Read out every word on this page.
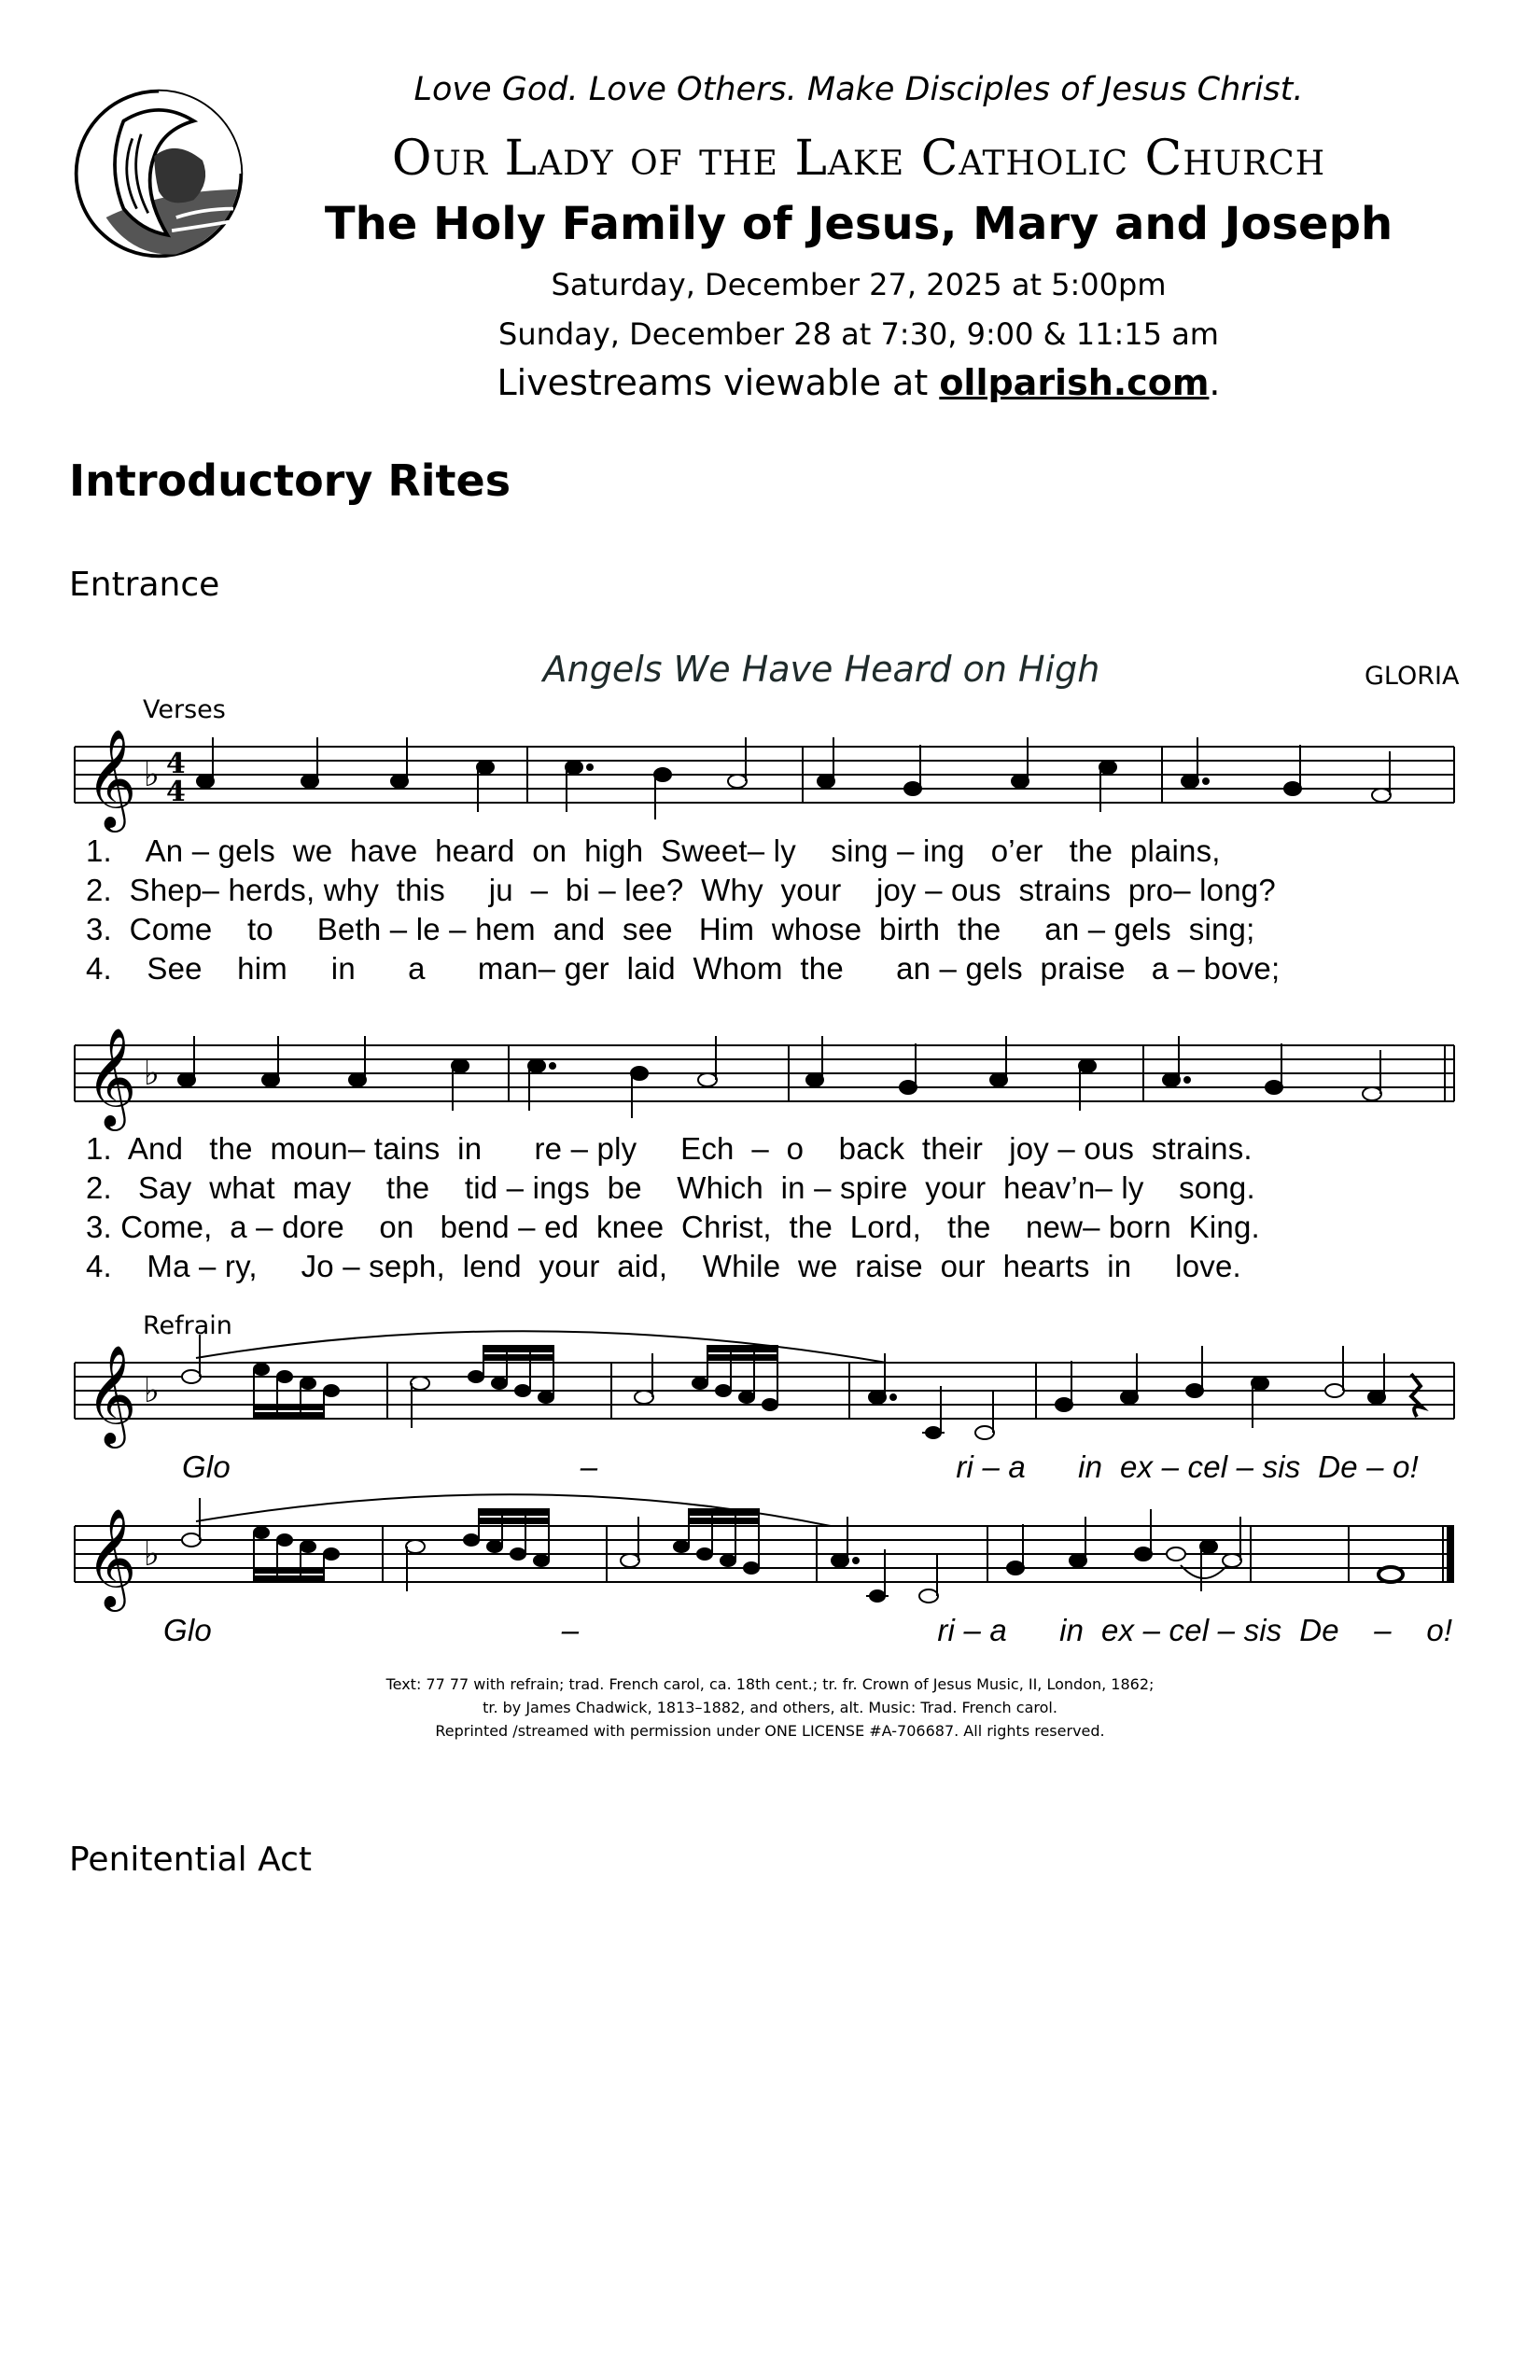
Love God. Love Others. Make Disciples of Jesus Christ.
Our Lady of the Lake Catholic Church
The Holy Family of Jesus, Mary and Joseph
Saturday, December 27, 2025 at 5:00pm
Sunday, December 28 at 7:30, 9:00 & 11:15 am
Livestreams viewable at ollparish.com.
Introductory Rites
Entrance
Angels We Have Heard on High	GLORIA
Verses
𝄞 ♭ 4
4
1.    An – gels  we  have  heard  on  high  Sweet– ly    sing – ing   o’er   the  plains,
2.  Shep– herds, why  this     ju  –  bi – lee?  Why  your    joy – ous  strains  pro– long?
3.  Come    to     Beth – le – hem  and  see   Him  whose  birth  the     an – gels  sing;
4.    See    him     in      a      man– ger  laid  Whom  the      an – gels  praise   a – bove;
𝄞 ♭
1.  And   the  moun– tains  in      re – ply     Ech  –  o    back  their   joy – ous  strains.
2.   Say  what  may    the    tid – ings  be    Which  in – spire  your  heav’n– ly    song.
3. Come,  a – dore    on   bend – ed  knee  Christ,  the  Lord,   the    new– born  King.
4.    Ma – ry,     Jo – seph,  lend  your  aid,    While  we  raise  our  hearts  in     love.
Refrain
𝄞 ♭
Glo                                        –                                         ri – a      in  ex – cel – sis  De – o!
𝄞 ♭
Glo                                        –                                         ri – a      in  ex – cel – sis  De    –    o!
Text: 77 77 with refrain; trad. French carol, ca. 18th cent.; tr. fr. Crown of Jesus Music, II, London, 1862;
tr. by James Chadwick, 1813–1882, and others, alt. Music: Trad. French carol.
Reprinted /streamed with permission under ONE LICENSE #A-706687. All rights reserved.
Penitential Act
